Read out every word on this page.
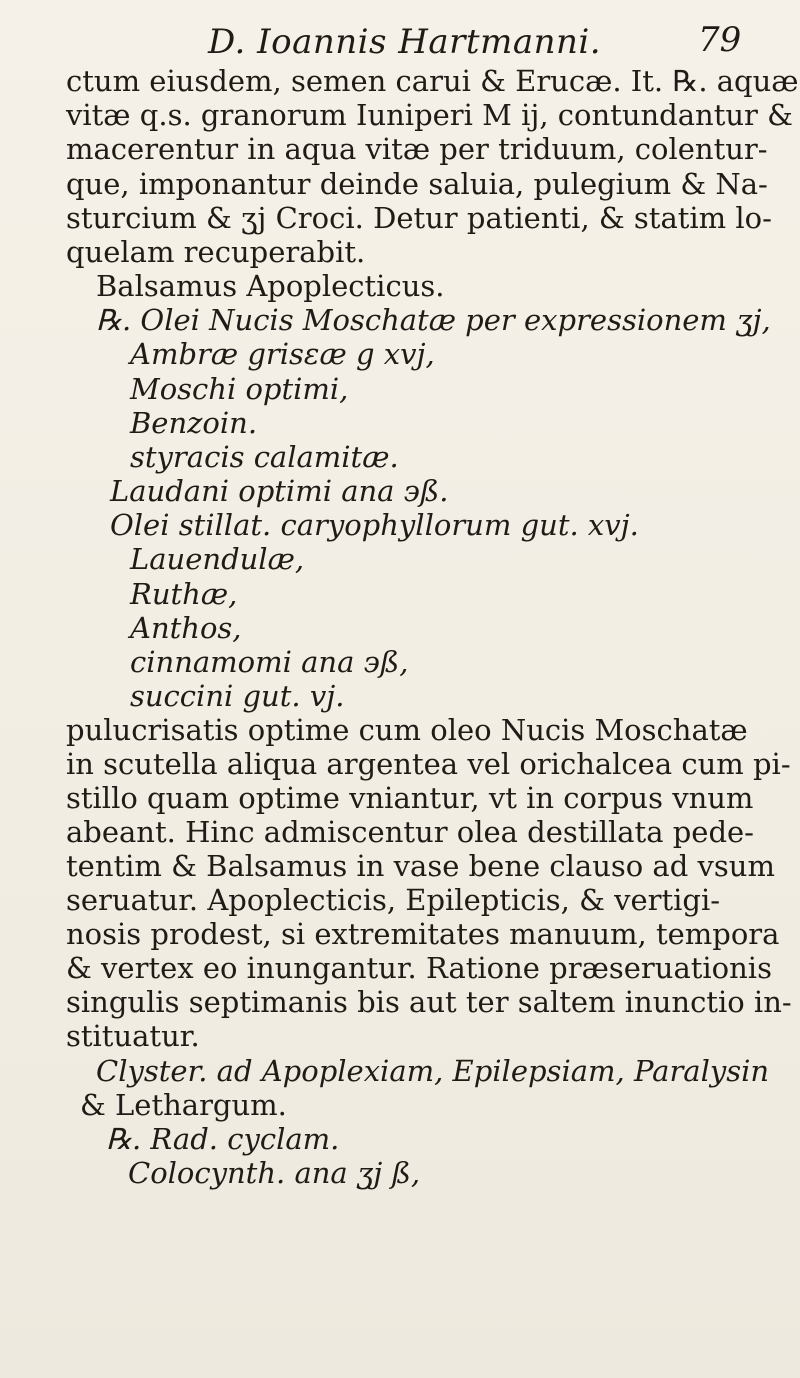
D. Ioannis Hartmanni.	79
ctum eiusdem, semen carui & Erucæ. It. ℞. aquæ
vitæ q.s. granorum Iuniperi M ij, contundantur &
macerentur in aqua vitæ per triduum, colentur-
que, imponantur deinde saluia, pulegium & Na-
sturcium & ʒj Croci. Detur patienti, & statim lo-
quelam recuperabit.
Balsamus Apoplecticus.
℞. Olei Nucis Moschatæ per expressionem ʒj,
Ambræ grisεæ g xvj,
Moschi optimi,
Benzoin.
styracis calamitæ.
Laudani optimi ana ϶ß.
Olei stillat. caryophyllorum gut. xvj.
Lauendulæ,
Ruthæ,
Anthos,
cinnamomi ana ϶ß,
succini gut. vj.
pulucrisatis optime cum oleo Nucis Moschatæ
in scutella aliqua argentea vel orichalcea cum pi-
stillo quam optime vniantur, vt in corpus vnum
abeant. Hinc admiscentur olea destillata pede-
tentim & Balsamus in vase bene clauso ad vsum
seruatur. Apoplecticis, Epilepticis, & vertigi-
nosis prodest, si extremitates manuum, tempora
& vertex eo inungantur. Ratione præseruationis
singulis septimanis bis aut ter saltem inunctio in-
stituatur.
Clyster. ad Apoplexiam, Epilepsiam, Paralysin
& Lethargum.
℞. Rad. cyclam.
Colocynth. ana ʒj ß,
